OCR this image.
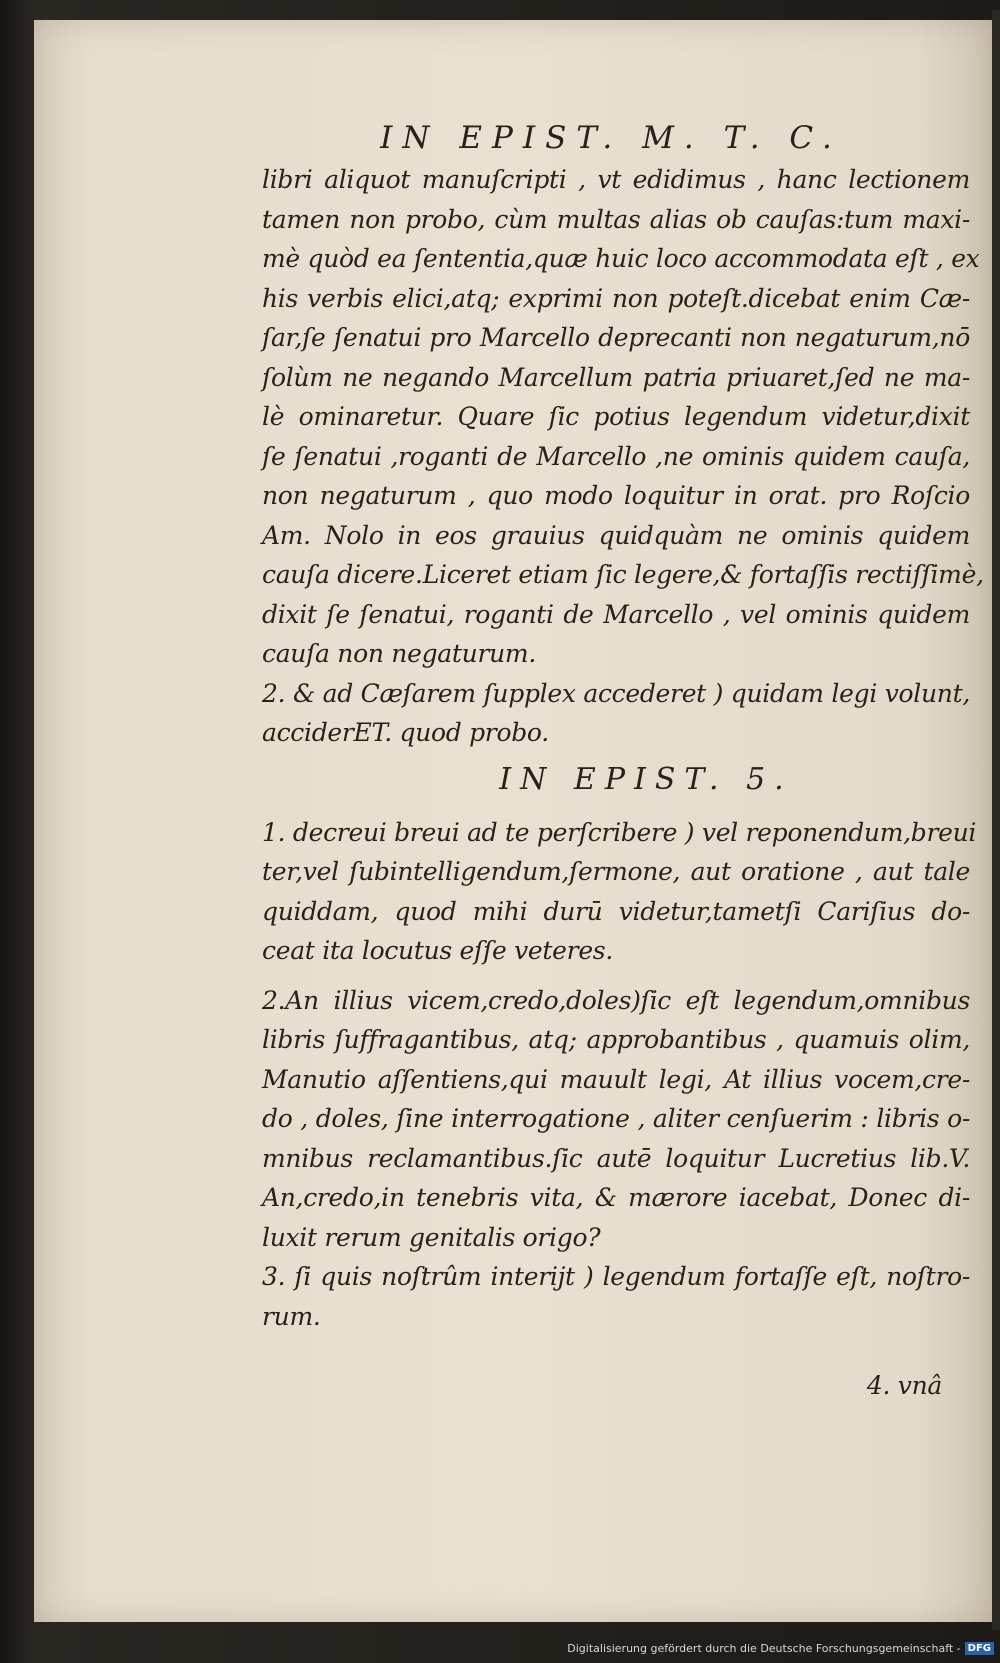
IN EPIST. M. T. C.
libri aliquot manuſcripti , vt edidimus , hanc lectionem
tamen non probo, cùm multas alias ob cauſas:tum maxi-
mè quòd ea ſententia,quæ huic loco accommodata eſt , ex
his verbis elici,atq; exprimi non poteſt.dicebat enim Cæ-
ſar,ſe ſenatui pro Marcello deprecanti non negaturum,nō
ſolùm ne negando Marcellum patria priuaret,ſed ne ma-
lè ominaretur. Quare ſic potius legendum videtur,dixit
ſe ſenatui ,roganti de Marcello ,ne ominis quidem cauſa,
non negaturum , quo modo loquitur in orat. pro Roſcio
Am. Nolo in eos grauius quidquàm ne ominis quidem
cauſa dicere.Liceret etiam ſic legere,& fortaſſis rectiſſimè,
dixit ſe ſenatui, roganti de Marcello , vel ominis quidem
cauſa non negaturum.
2. & ad Cæſarem ſupplex accederet ) quidam legi volunt,
acciderET. quod probo.
IN EPIST. 5.
1. decreui breui ad te perſcribere ) vel reponendum,breui
ter,vel ſubintelligendum,ſermone, aut oratione , aut tale
quiddam, quod mihi durū videtur,tametſi Cariſius do-
ceat ita locutus eſſe veteres.
2.An illius vicem,credo,doles)ſic eſt legendum,omnibus
libris ſuffragantibus, atq; approbantibus , quamuis olim,
Manutio aſſentiens,qui mauult legi, At illius vocem,cre-
do , doles, ſine interrogatione , aliter cenſuerim : libris o-
mnibus reclamantibus.ſic autē loquitur Lucretius lib.V.
An,credo,in tenebris vita, & mærore iacebat, Donec di-
luxit rerum genitalis origo?
3. ſi quis noſtrûm interijt ) legendum fortaſſe eſt, noſtro-
rum.
4. vnâ
Digitalisierung gefördert durch die Deutsche Forschungsgemeinschaft - DFG
